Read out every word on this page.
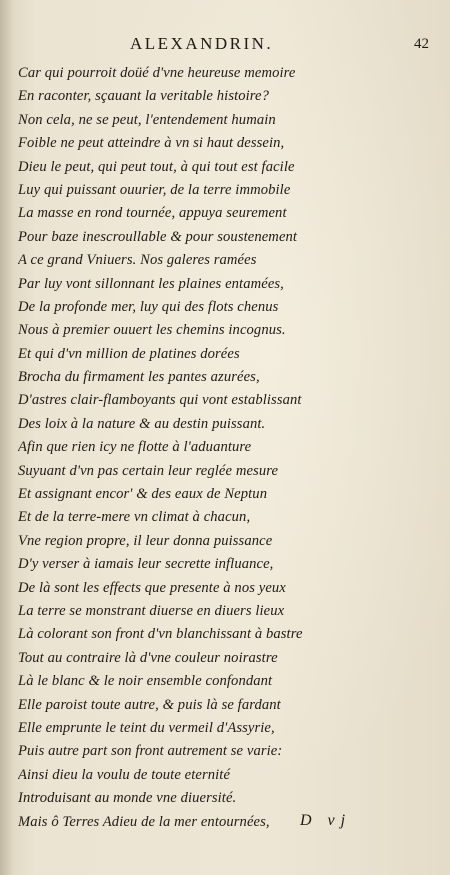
ALEXANDRIN.	42
Car qui pourroit doüé d'vne heureuse memoire
En raconter, sçauant la veritable histoire?
Non cela, ne se peut, l'entendement humain
Foible ne peut atteindre à vn si haut dessein,
Dieu le peut, qui peut tout, à qui tout est facile
Luy qui puissant ouurier, de la terre immobile
La masse en rond tournée, appuya seurement
Pour baze inescroullable & pour soustenement
A ce grand Vniuers. Nos galeres ramées
Par luy vont sillonnant les plaines entamées,
De la profonde mer, luy qui des flots chenus
Nous à premier ouuert les chemins incognus.
Et qui d'vn million de platines dorées
Brocha du firmament les pantes azurées,
D'astres clair-flamboyants qui vont establissant
Des loix à la nature & au destin puissant.
Afin que rien icy ne flotte à l'aduanture
Suyuant d'vn pas certain leur reglée mesure
Et assignant encor' & des eaux de Neptun
Et de la terre-mere vn climat à chacun,
Vne region propre, il leur donna puissance
D'y verser à iamais leur secrette influance,
De là sont les effects que presente à nos yeux
La terre se monstrant diuerse en diuers lieux
Là colorant son front d'vn blanchissant à bastre
Tout au contraire là d'vne couleur noirastre
Là le blanc & le noir ensemble confondant
Elle paroist toute autre, & puis là se fardant
Elle emprunte le teint du vermeil d'Assyrie,
Puis autre part son front autrement se varie:
Ainsi dieu la voulu de toute eternité
Introduisant au monde vne diuersité.
Mais ô Terres Adieu de la mer entournées,	D vj
